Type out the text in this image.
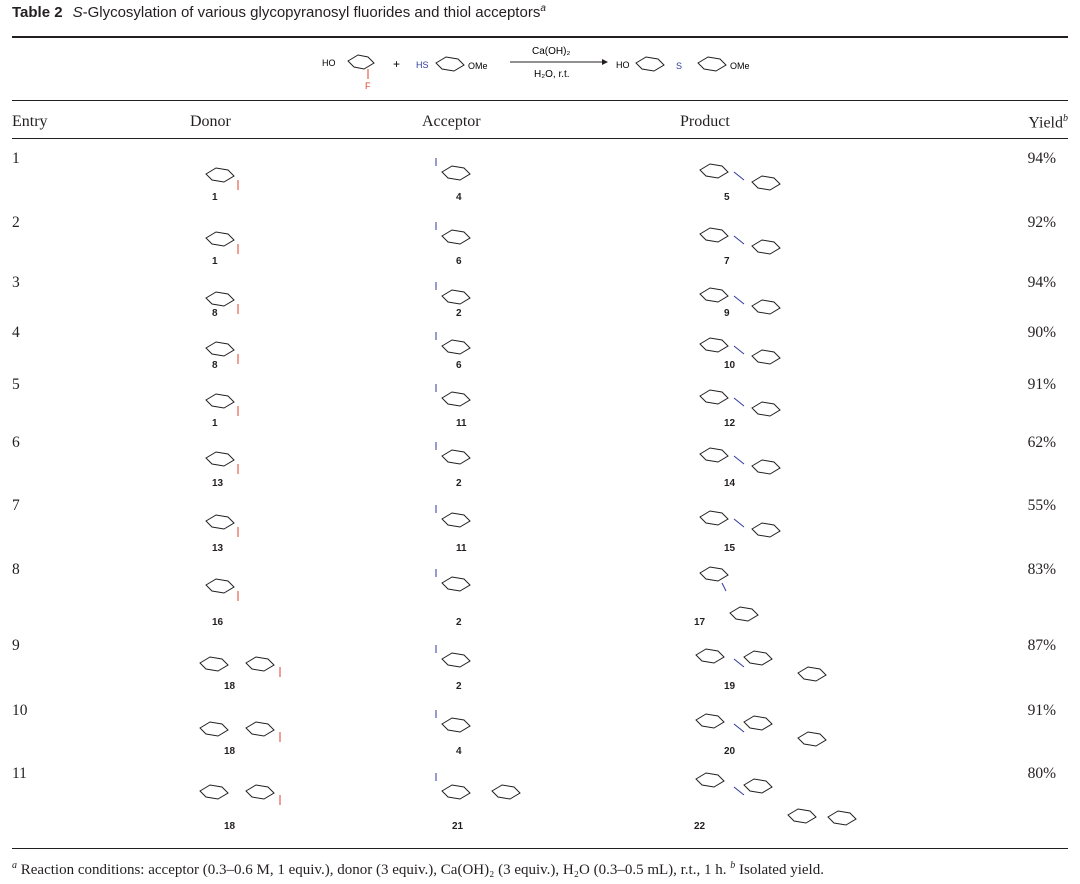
Table 2 S-Glycosylation of various glycopyranosyl fluorides and thiol acceptors$^a$
HO
F
+ HS	OMe
Ca(OH)₂
H₂O, r.t.
HO	S	OMe
Entry	Donor	Acceptor	Product	Yield$^b$
1
1	4	5
94%
2
1	6	7
92%
3
8	2	9
94%
4
8	6	10
90%
5
1	11	12
91%
6
13	2	14
62%
7
13	11	15
55%
8
16	2	17
83%
9
18	2	19
87%
10
18	4	20
91%
11
18	21	22
80%
$^a$ Reaction conditions: acceptor (0.3–0.6 M, 1 equiv.), donor (3 equiv.), Ca(OH)₂ (3 equiv.), H₂O (0.3–0.5 mL), r.t., 1 h. $^b$ Isolated yield.
